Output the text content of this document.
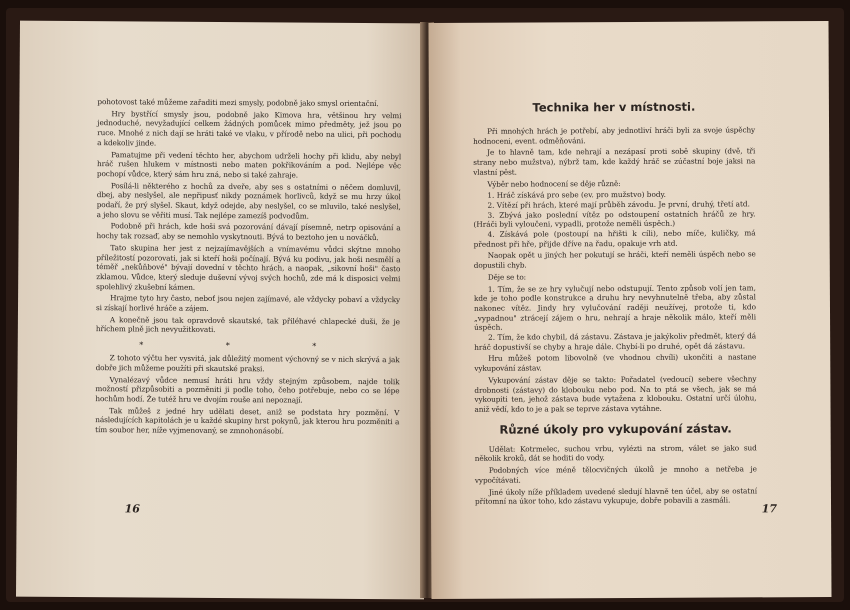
pohotovost také můžeme zařaditi mezi smysly, podobně jako smysl orientační.

Hry bystřící smysly jsou, podobně jako Kimova hra, většinou hry velmi jednoduché, nevyžadující celkem žádných pomůcek mimo předměty, jež jsou po ruce. Mnohé z nich dají se hráti také ve vlaku, v přírodě nebo na ulici, při pochodu a kdekoliv jinde.

Pamatujme při vedení těchto her, abychom udrželi hochy při klidu, aby nebyl hráč rušen hlukem v místnosti nebo maten pokřikováním a pod. Nejlépe věc pochopí vůdce, který sám hru zná, nebo si také zahraje.

Posílá-li některého z hochů za dveře, aby ses s ostatními o něčem domluvil, dbej, aby neslyšel, ale nepřipusť nikdy poznámek horlivců, když se mu hrzy úkol podaří, že prý slyšel. Skaut, když odejde, aby neslyšel, co se mluvilo, také neslyšel, a jeho slovu se věřiti musí. Tak nejlépe zamezíš podvodům.

Podobně při hrách, kde hoši svá pozorování dávají písemně, netrp opisování a hochy tak rozsaď, aby se nemohlo vyskytnouti. Bývá to beztoho jen u nováčků.

Tato skupina her jest z nejzajímavějších a vnímavému vůdci skýtne mnoho příležitostí pozorovati, jak si kteří hoši počínají. Bývá ku podivu, jak hoši nesmělí a téměř „nekůňbové" bývají dovední v těchto hrách, a naopak, „sikovní hoši" často zklamou. Vůdce, který sleduje duševní vývoj svých hochů, zde má k disposici velmi spolehlivý zkušební kámen.

Hrajme tyto hry často, neboť jsou nejen zajímavé, ale vždycky pobaví a vždycky si získají horlivé hráče a zájem.

A konečně jsou tak opravdově skautské, tak přiléhavé chlapecké duši, že je hříchem plně jich nevyužitkovati.

* * *

Z tohoto výčtu her vysvitá, jak důležitý moment výchovný se v nich skrývá a jak dobře jich můžeme použíti při skautské praksi.

Vynalézavý vůdce nemusí hráti hru vždy stejným způsobem, najde tolik možností přizpůsobiti a pozměniti ji podle toho, čeho potřebuje, nebo co se lépe hochům hodí. Že tutéž hru ve dvojím rouše ani nepoznají.

Tak můžeš z jedné hry udělati deset, aniž se podstata hry pozmění. V následujících kapitolách je u každé skupiny hrst pokynů, jak kterou hru pozměniti a tím soubor her, níže vyjmenovaný, se zmnohonásobí.

16
Technika her v místnosti.

Při mnohých hrách je potřebí, aby jednotliví hráči byli za svoje úspěchy hodnoceni, event. odměňováni.

Je to hlavně tam, kde nehrají a nezápasí proti sobě skupiny (dvě, tři strany nebo mužstva), nýbrž tam, kde každý hráč se zúčastní boje jaksi na vlastní pěst.

Výběr nebo hodnocení se děje různě:

1. Hráč získává pro sebe (ev. pro mužstvo) body.
2. Vítězí při hrách, které mají průběh závodu. Je první, druhý, třetí atd.
3. Zbývá jako poslední vítěz po odstoupení ostatních hráčů ze hry. (Hráči byli vyloučeni, vypadli, protože neměli úspěch.)
4. Získává pole (postoupí na hřišti k cíli), nebo míče, kuličky, má přednost při hře, přijde dříve na řadu, opakuje vrh atd.

Naopak opět u jiných her pokutují se hráči, kteří neměli úspěch nebo se dopustili chyb.

Děje se to:

1. Tím, že se ze hry vylučují nebo odstupují. Tento způsob volí jen tam, kde je toho podle konstrukce a druhu hry nevyhnutelně třeba, aby zůstal nakonec vítěz. Jindy hry vylučování raději neužívej, protože ti, kdo „vypadnou" ztrácejí zájem o hru, nehrají a hraje několik málo, kteří měli úspěch.
2. Tím, že kdo chybil, dá zástavu. Zástava je jakýkoliv předmět, který dá hráč dopustivší se chyby a hraje dále. Chybí-li po druhé, opět dá zástavu.

Hru můžeš potom libovolně (ve vhodnou chvíli) ukončiti a nastane vykupování zástav.

Vykupování zástav děje se takto: Pořadatel (vedoucí) sebere všechny drobnosti (zástavy) do klobouku nebo pod. Na to ptá se všech, jak se má vykoupiti ten, jehož zástava bude vytažena z klobouku. Ostatní určí úlohu, aniž vědí, kdo to je a pak se teprve zástava vytáhne.

Různé úkoly pro vykupování zástav.

Udělat: Kotrmelec, suchou vrbu, vylézti na strom, válet se jako sud několik kroků, dát se hoditi do vody.

Podobných více méně tělocvičných úkolů je mnoho a netřeba je vypočítávati.

Jiné úkoly níže příkladem uvedené sledují hlavně ten účel, aby se ostatní přítomní na úkor toho, kdo zástavu vykupuje, dobře pobavili a zasmáli.

17
